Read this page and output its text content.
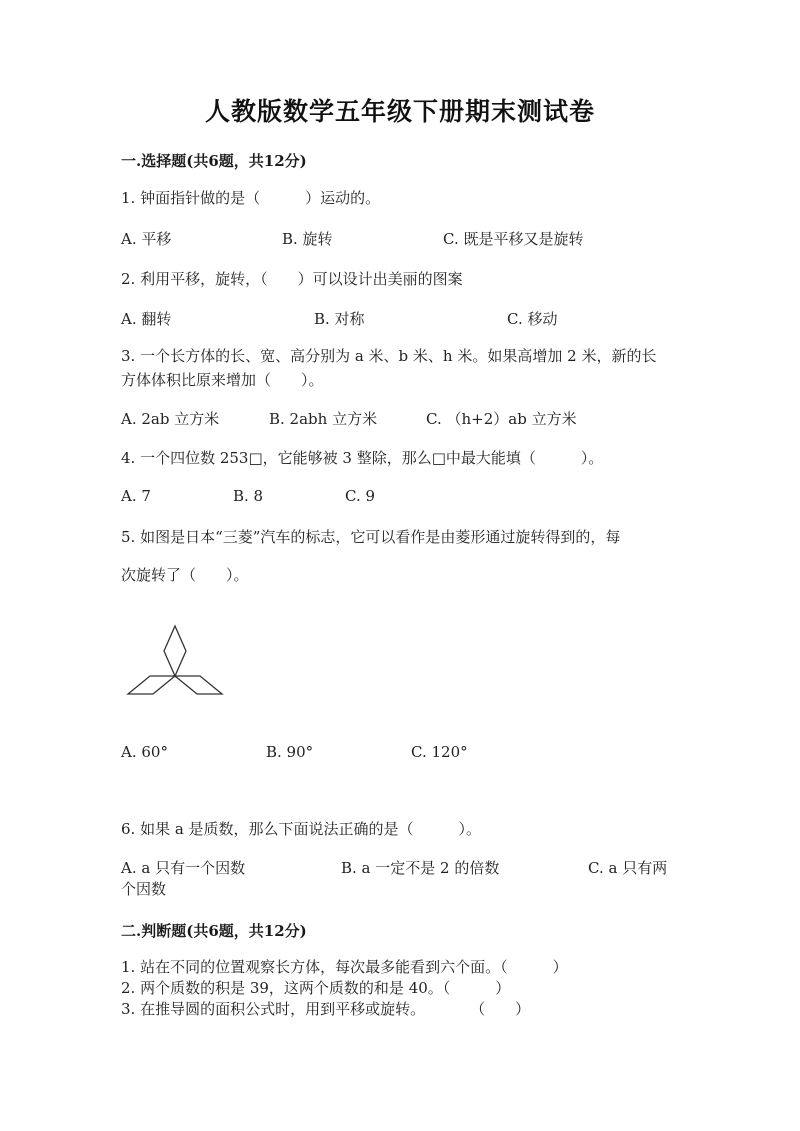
人教版数学五年级下册期末测试卷
一.选择题(共6题，共12分)
1. 钟面指针做的是（　　　）运动的。
A. 平移	B. 旋转	C. 既是平移又是旋转
2. 利用平移，旋转，（　　）可以设计出美丽的图案
A. 翻转	B. 对称	C. 移动
3. 一个长方体的长、宽、高分别为 a 米、b 米、h 米。如果高增加 2 米，新的长
方体体积比原来增加（　　）。
A. 2ab 立方米	B. 2abh 立方米	C. （h+2）ab 立方米
4. 一个四位数 253□，它能够被 3 整除，那么□中最大能填（　　　）。
A. 7	B. 8	C. 9
5. 如图是日本“三菱”汽车的标志，它可以看作是由菱形通过旋转得到的，每
次旋转了（　　）。
A. 60°	B. 90°	C. 120°
6. 如果 a 是质数，那么下面说法正确的是（　　　）。
A. a 只有一个因数	B. a 一定不是 2 的倍数	C. a 只有两
个因数
二.判断题(共6题，共12分)
1. 站在不同的位置观察长方体，每次最多能看到六个面。（　　　）
2. 两个质数的积是 39，这两个质数的和是 40。（　　　）
3. 在推导圆的面积公式时，用到平移或旋转。　　　　（　　）
